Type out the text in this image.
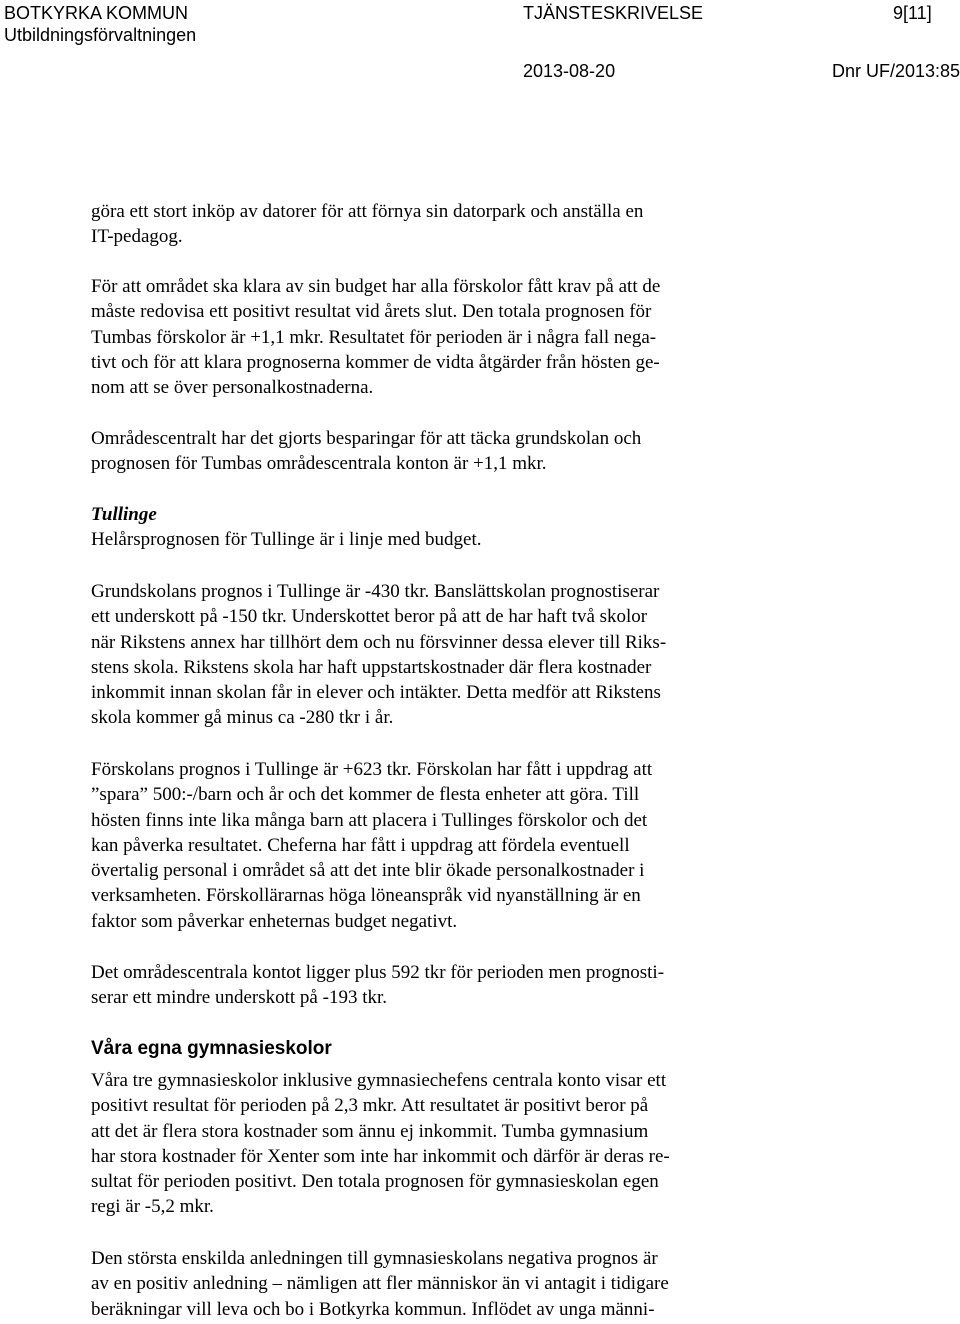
BOTKYRKA KOMMUN
Utbildningsförvaltningen
TJÄNSTESKRIVELSE	9[11]
2013-08-20	Dnr UF/2013:85
göra ett stort inköp av datorer för att förnya sin datorpark och anställa en
IT-pedagog.
För att området ska klara av sin budget har alla förskolor fått krav på att de
måste redovisa ett positivt resultat vid årets slut. Den totala prognosen för
Tumbas förskolor är +1,1 mkr. Resultatet för perioden är i några fall nega-
tivt och för att klara prognoserna kommer de vidta åtgärder från hösten ge-
nom att se över personalkostnaderna.
Områdescentralt har det gjorts besparingar för att täcka grundskolan och
prognosen för Tumbas områdescentrala konton är +1,1 mkr.
Tullinge
Helårsprognosen för Tullinge är i linje med budget.
Grundskolans prognos i Tullinge är -430 tkr. Banslättskolan prognostiserar
ett underskott på -150 tkr. Underskottet beror på att de har haft två skolor
när Rikstens annex har tillhört dem och nu försvinner dessa elever till Riks-
stens skola. Rikstens skola har haft uppstartskostnader där flera kostnader
inkommit innan skolan får in elever och intäkter. Detta medför att Rikstens
skola kommer gå minus ca -280 tkr i år.
Förskolans prognos i Tullinge är +623 tkr. Förskolan har fått i uppdrag att
”spara” 500:-/barn och år och det kommer de flesta enheter att göra. Till
hösten finns inte lika många barn att placera i Tullinges förskolor och det
kan påverka resultatet. Cheferna har fått i uppdrag att fördela eventuell
övertalig personal i området så att det inte blir ökade personalkostnader i
verksamheten. Förskollärarnas höga löneanspråk vid nyanställning är en
faktor som påverkar enheternas budget negativt.
Det områdescentrala kontot ligger plus 592 tkr för perioden men prognosti-
serar ett mindre underskott på -193 tkr.
Våra egna gymnasieskolor
Våra tre gymnasieskolor inklusive gymnasiechefens centrala konto visar ett
positivt resultat för perioden på 2,3 mkr. Att resultatet är positivt beror på
att det är flera stora kostnader som ännu ej inkommit. Tumba gymnasium
har stora kostnader för Xenter som inte har inkommit och därför är deras re-
sultat för perioden positivt. Den totala prognosen för gymnasieskolan egen
regi är -5,2 mkr.
Den största enskilda anledningen till gymnasieskolans negativa prognos är
av en positiv anledning – nämligen att fler människor än vi antagit i tidigare
beräkningar vill leva och bo i Botkyrka kommun. Inflödet av unga männi-
